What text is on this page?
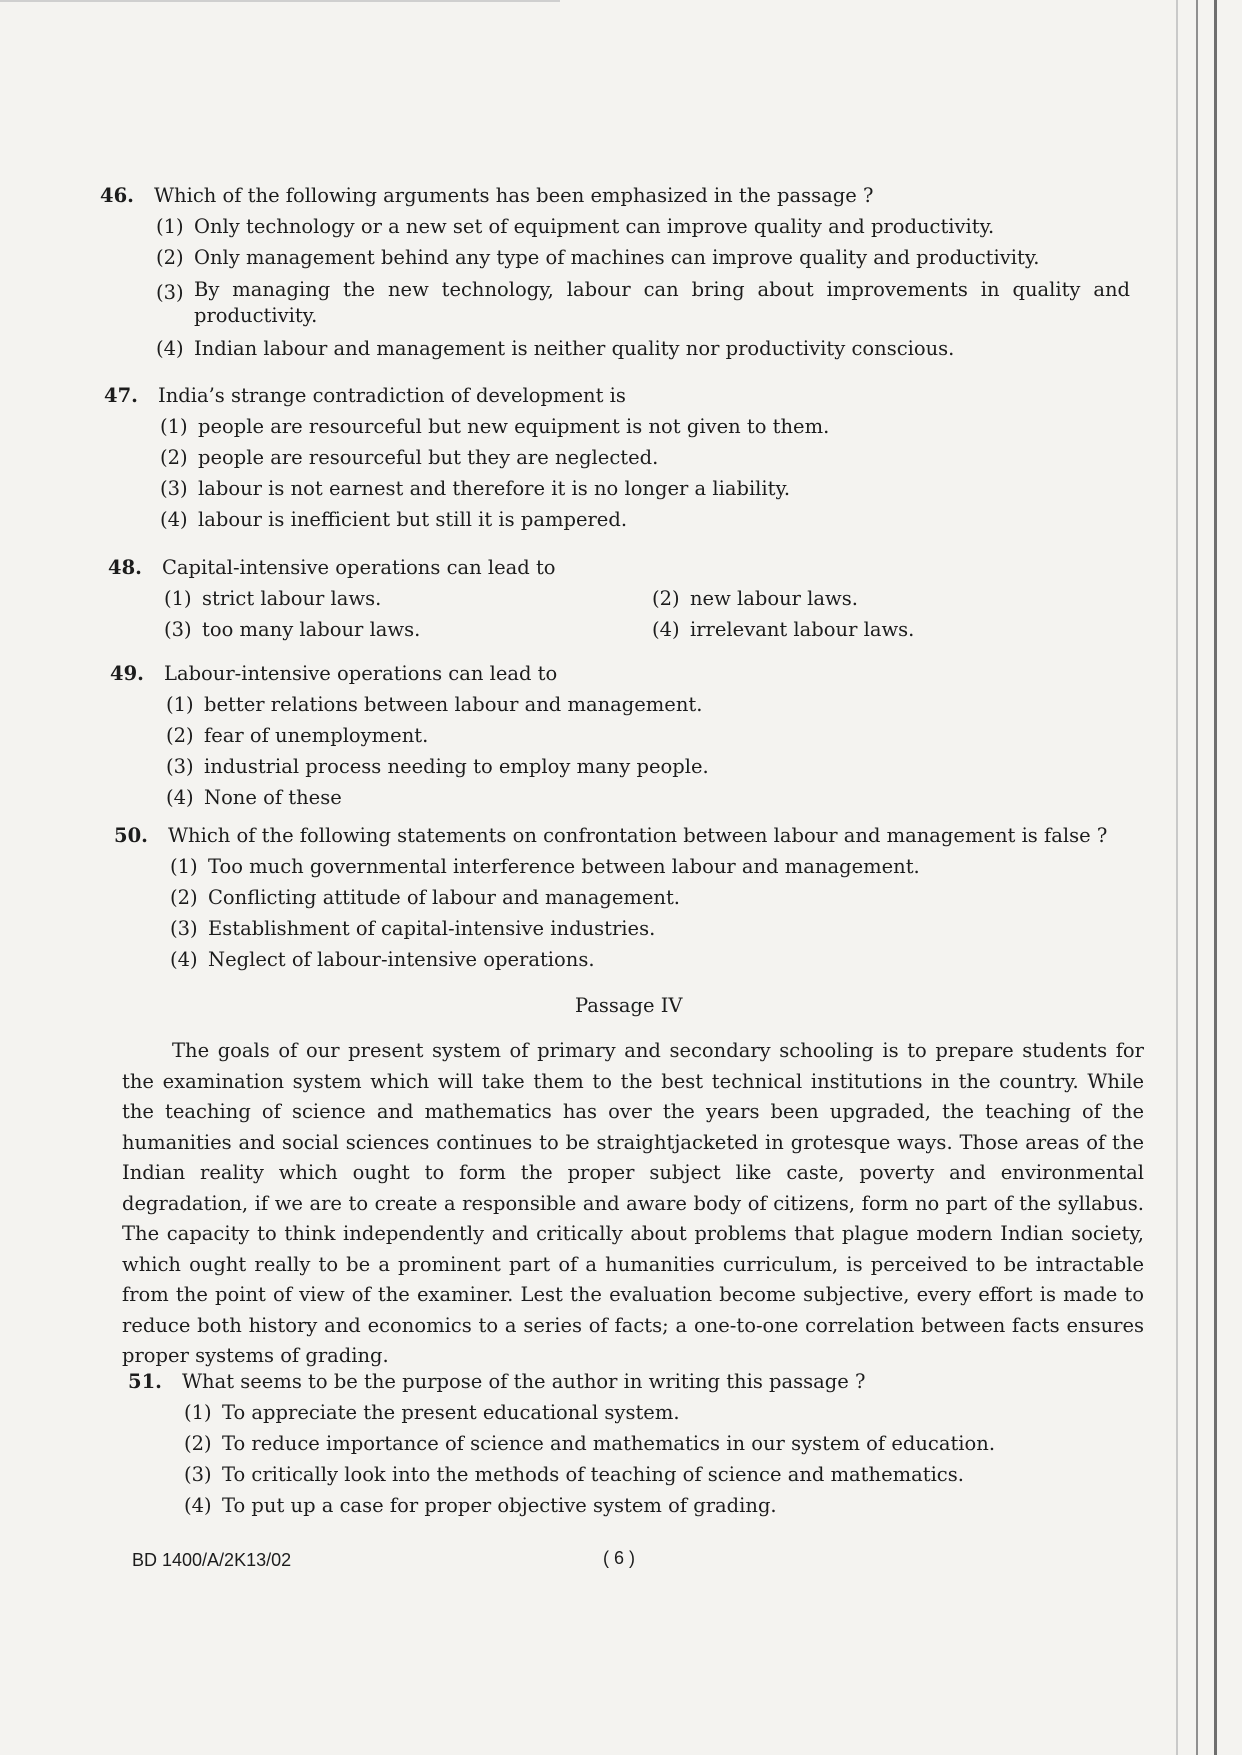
46.	Which of the following arguments has been emphasized in the passage ?
(1) Only technology or a new set of equipment can improve quality and productivity.
(2) Only management behind any type of machines can improve quality and productivity.
(3) By managing the new technology, labour can bring about improvements in quality and productivity.
(4) Indian labour and management is neither quality nor productivity conscious.
47.	India’s strange contradiction of development is
(1) people are resourceful but new equipment is not given to them.
(2) people are resourceful but they are neglected.
(3) labour is not earnest and therefore it is no longer a liability.
(4) labour is inefficient but still it is pampered.
48.	Capital-intensive operations can lead to
(1) strict labour laws.	(2) new labour laws.
(3) too many labour laws.	(4) irrelevant labour laws.
49.	Labour-intensive operations can lead to
(1) better relations between labour and management.
(2) fear of unemployment.
(3) industrial process needing to employ many people.
(4) None of these
50.	Which of the following statements on confrontation between labour and management is false ?
(1) Too much governmental interference between labour and management.
(2) Conflicting attitude of labour and management.
(3) Establishment of capital-intensive industries.
(4) Neglect of labour-intensive operations.
Passage IV

The goals of our present system of primary and secondary schooling is to prepare students for the examination system which will take them to the best technical institutions in the country. While the teaching of science and mathematics has over the years been upgraded, the teaching of the humanities and social sciences continues to be straightjacketed in grotesque ways. Those areas of the Indian reality which ought to form the proper subject like caste, poverty and environmental degradation, if we are to create a responsible and aware body of citizens, form no part of the syllabus. The capacity to think independently and critically about problems that plague modern Indian society, which ought really to be a prominent part of a humanities curriculum, is perceived to be intractable from the point of view of the examiner. Lest the evaluation become subjective, every effort is made to reduce both history and economics to a series of facts; a one-to-one correlation between facts ensures proper systems of grading.

51.	What seems to be the purpose of the author in writing this passage ?
(1) To appreciate the present educational system.
(2) To reduce importance of science and mathematics in our system of education.
(3) To critically look into the methods of teaching of science and mathematics.
(4) To put up a case for proper objective system of grading.
BD 1400/A/2K13/02	( 6 )
